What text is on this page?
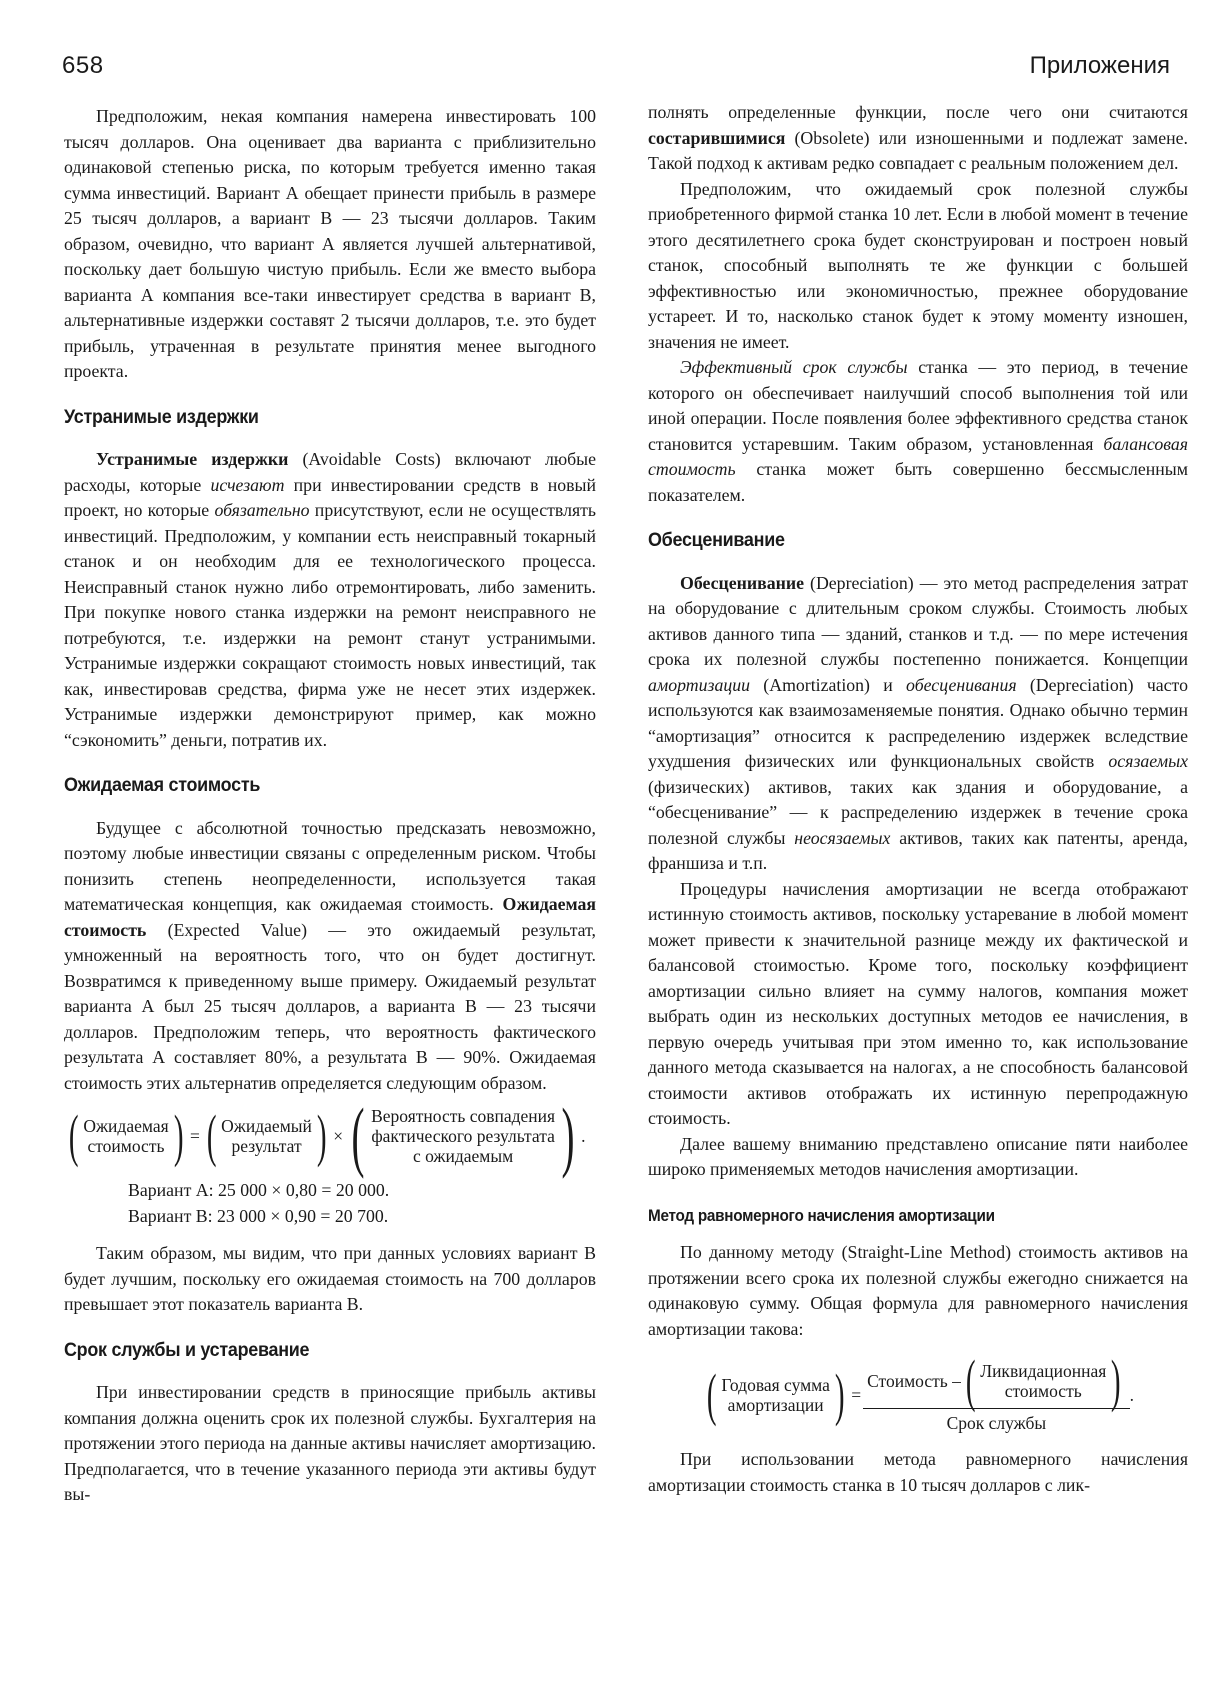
658	Приложения

Предположим, некая компания намерена инвестировать 100 тысяч долларов. Она оценивает два варианта с приблизительно одинаковой степенью риска, по которым требуется именно такая сумма инвестиций. Вариант А обещает принести прибыль в размере 25 тысяч долларов, а вариант В — 23 тысячи долларов. Таким образом, очевидно, что вариант А является лучшей альтернативой, поскольку дает большую чистую прибыль. Если же вместо выбора варианта А компания все-таки инвестирует средства в вариант В, альтернативные издержки составят 2 тысячи долларов, т.е. это будет прибыль, утраченная в результате принятия менее выгодного проекта.

Устранимые издержки

Устранимые издержки (Avoidable Costs) включают любые расходы, которые исчезают при инвестировании средств в новый проект, но которые обязательно присутствуют, если не осуществлять инвестиций. Предположим, у компании есть неисправный токарный станок и он необходим для ее технологического процесса. Неисправный станок нужно либо отремонтировать, либо заменить. При покупке нового станка издержки на ремонт неисправного не потребуются, т.е. издержки на ремонт станут устранимыми. Устранимые издержки сокращают стоимость новых инвестиций, так как, инвестировав средства, фирма уже не несет этих издержек. Устранимые издержки демонстрируют пример, как можно “сэкономить” деньги, потратив их.

Ожидаемая стоимость

Будущее с абсолютной точностью предсказать невозможно, поэтому любые инвестиции связаны с определенным риском. Чтобы понизить степень неопределенности, используется такая математическая концепция, как ожидаемая стоимость. Ожидаемая стоимость (Expected Value) — это ожидаемый результат, умноженный на вероятность того, что он будет достигнут. Возвратимся к приведенному выше примеру. Ожидаемый результат варианта А был 25 тысяч долларов, а варианта В — 23 тысячи долларов. Предположим теперь, что вероятность фактического результата А составляет 80%, а результата В — 90%. Ожидаемая стоимость этих альтернатив определяется следующим образом.

( Ожидаемая
стоимость ) = ( Ожидаемый
результат ) × ( Вероятность совпадения
фактического результата
с ожидаемым ) .

Вариант А: 25 000 × 0,80 = 20 000.

Вариант В: 23 000 × 0,90 = 20 700.

Таким образом, мы видим, что при данных условиях вариант В будет лучшим, поскольку его ожидаемая стоимость на 700 долларов превышает этот показатель варианта В.

Срок службы и устаревание

При инвестировании средств в приносящие прибыль активы компания должна оценить срок их полезной службы. Бухгалтерия на протяжении этого периода на данные активы начисляет амортизацию. Предполагается, что в течение указанного периода эти активы будут вы-

полнять определенные функции, после чего они считаются состарившимися (Obsolete) или изношенными и подлежат замене. Такой подход к активам редко совпадает с реальным положением дел.

Предположим, что ожидаемый срок полезной службы приобретенного фирмой станка 10 лет. Если в любой момент в течение этого десятилетнего срока будет сконструирован и построен новый станок, способный выполнять те же функции с большей эффективностью или экономичностью, прежнее оборудование устареет. И то, насколько станок будет к этому моменту изношен, значения не имеет.

Эффективный срок службы станка — это период, в течение которого он обеспечивает наилучший способ выполнения той или иной операции. После появления более эффективного средства станок становится устаревшим. Таким образом, установленная балансовая стоимость станка может быть совершенно бессмысленным показателем.

Обесценивание

Обесценивание (Depreciation) — это метод распределения затрат на оборудование с длительным сроком службы. Стоимость любых активов данного типа — зданий, станков и т.д. — по мере истечения срока их полезной службы постепенно понижается. Концепции амортизации (Amortization) и обесценивания (Depreciation) часто используются как взаимозаменяемые понятия. Однако обычно термин “амортизация” относится к распределению издержек вследствие ухудшения физических или функциональных свойств осязаемых (физических) активов, таких как здания и оборудование, а “обесценивание” — к распределению издержек в течение срока полезной службы неосязаемых активов, таких как патенты, аренда, франшиза и т.п.

Процедуры начисления амортизации не всегда отображают истинную стоимость активов, поскольку устаревание в любой момент может привести к значительной разнице между их фактической и балансовой стоимостью. Кроме того, поскольку коэффициент амортизации сильно влияет на сумму налогов, компания может выбрать один из нескольких доступных методов ее начисления, в первую очередь учитывая при этом именно то, как использование данного метода сказывается на налогах, а не способность балансовой стоимости активов отображать их истинную перепродажную стоимость.

Далее вашему вниманию представлено описание пяти наиболее широко применяемых методов начисления амортизации.

Метод равномерного начисления амортизации

По данному методу (Straight-Line Method) стоимость активов на протяжении всего срока их полезной службы ежегодно снижается на одинаковую сумму. Общая формула для равномерного начисления амортизации такова:

( Годовая сумма
амортизации ) =
Стоимость – ( Ликвидационная
стоимость )
Срок службы
.

При использовании метода равномерного начисления амортизации стоимость станка в 10 тысяч долларов с лик-
